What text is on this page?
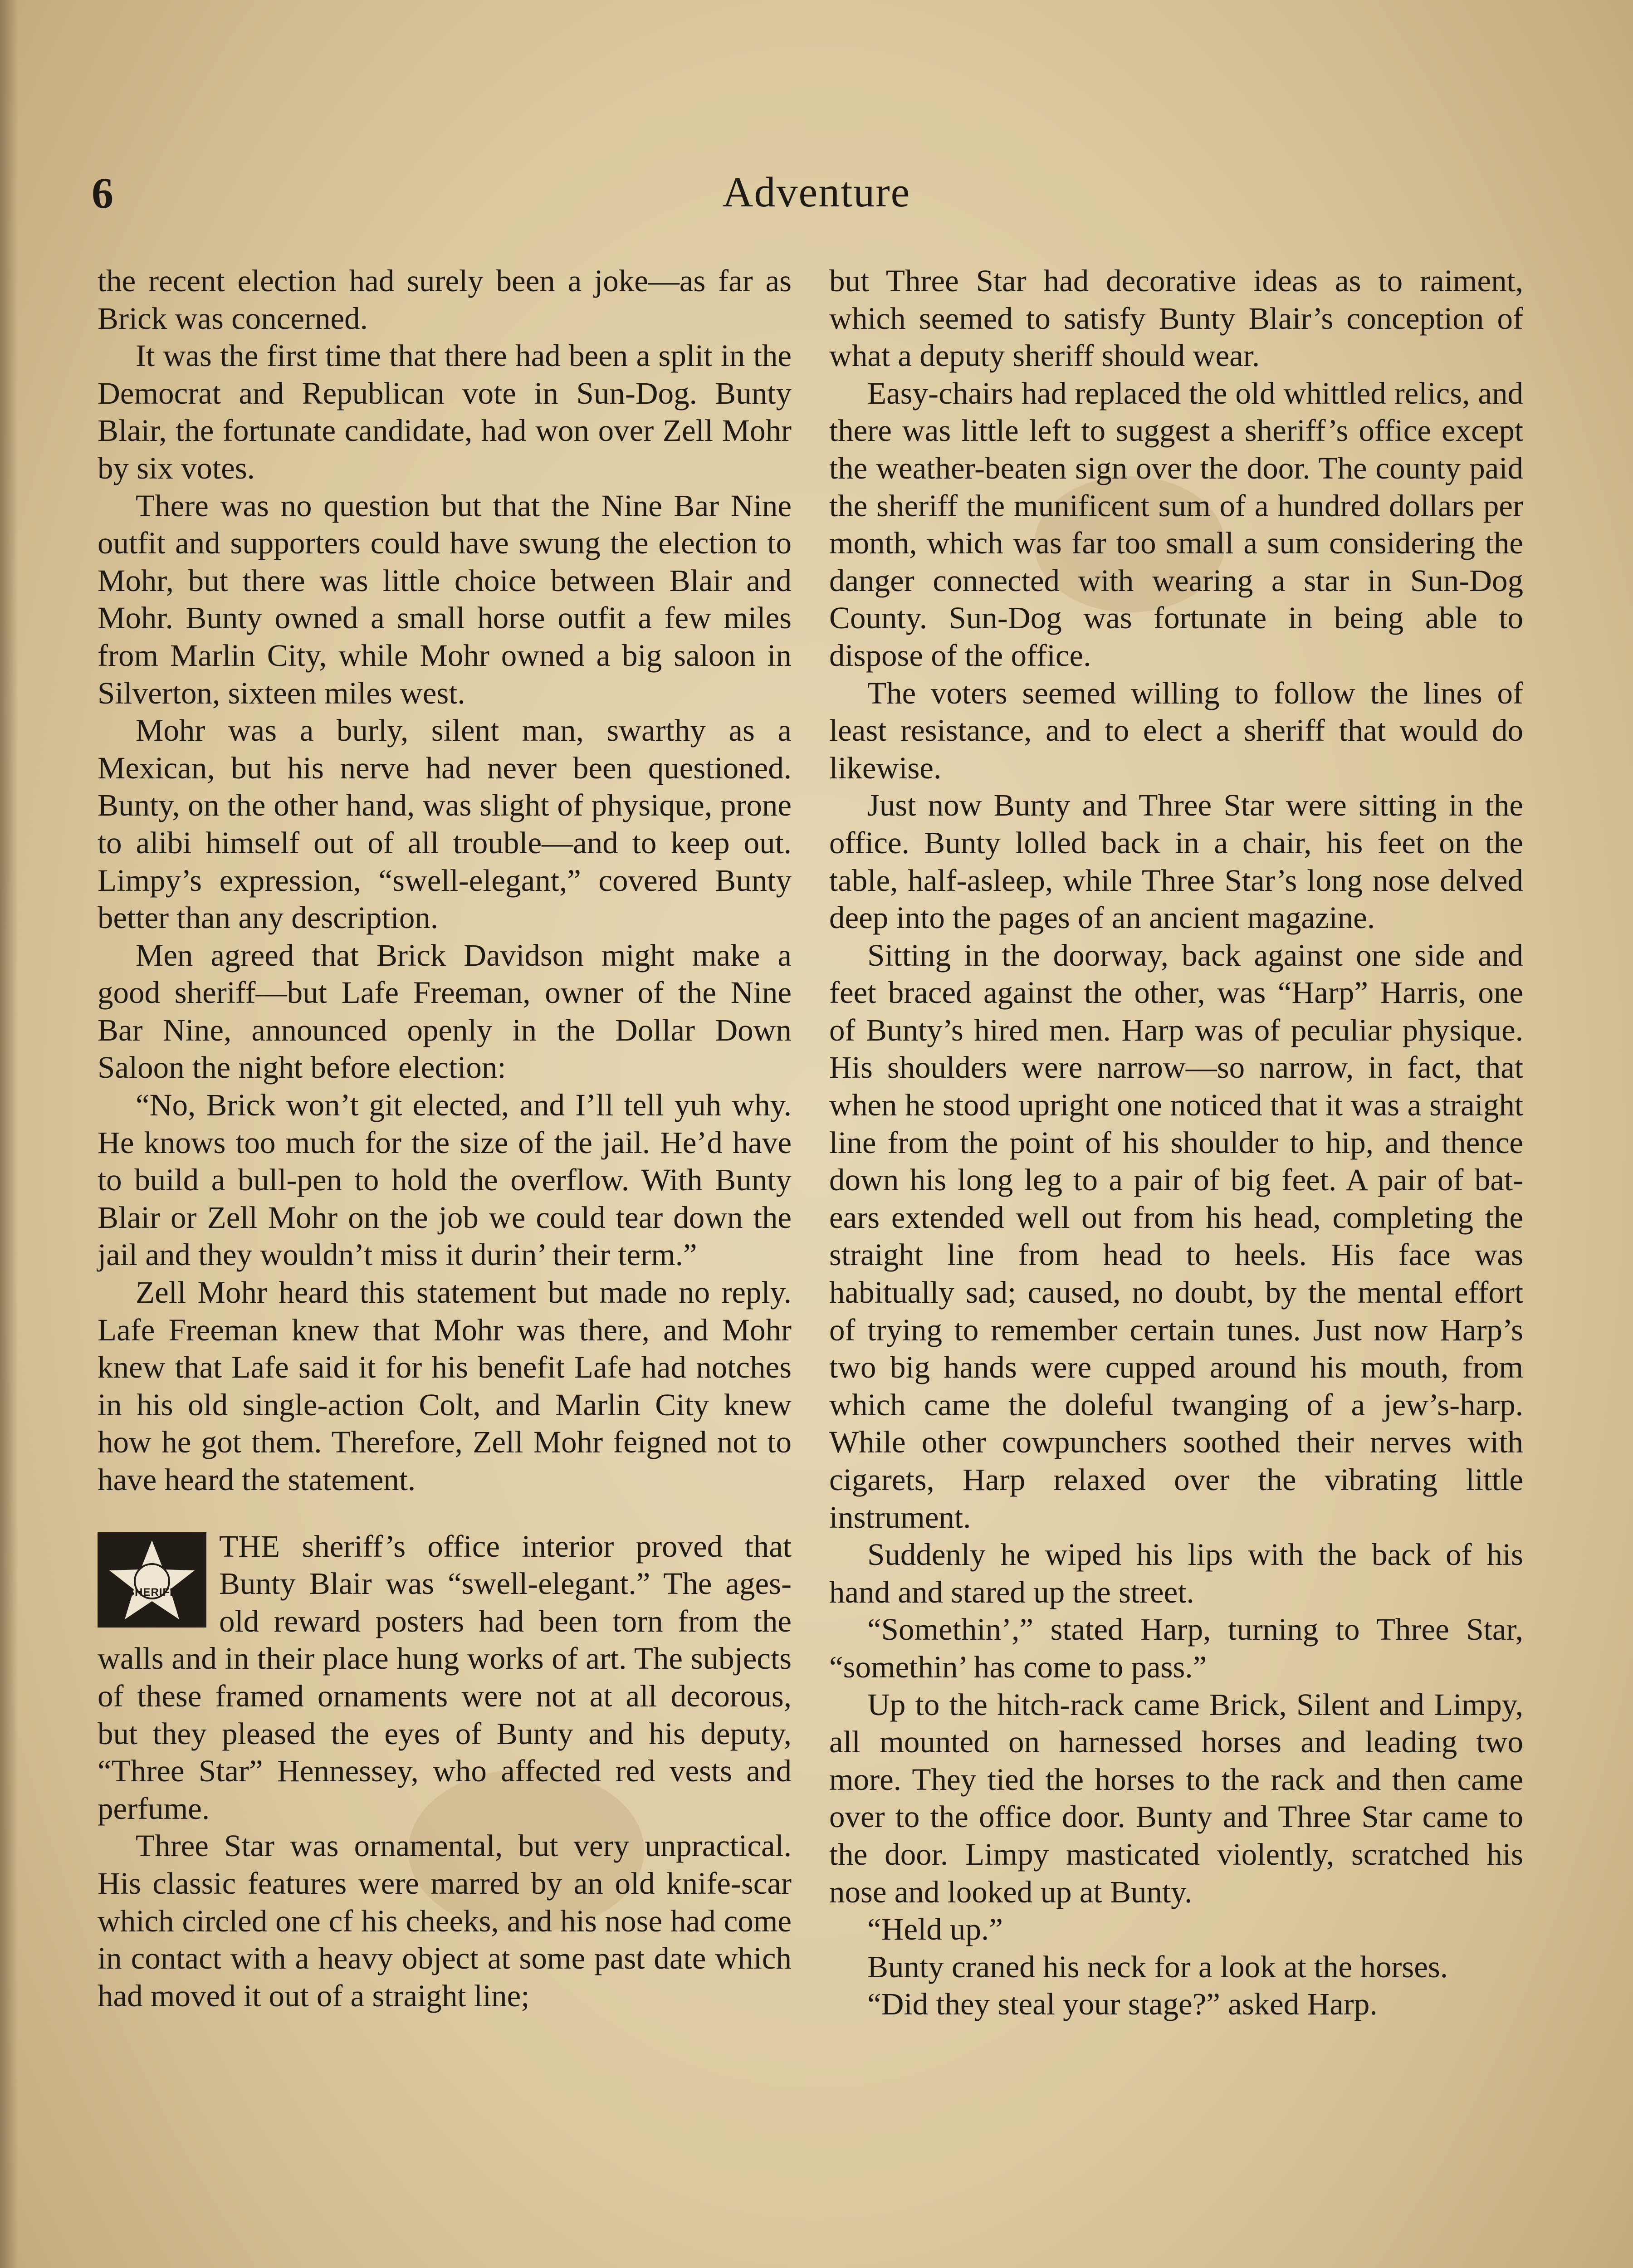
6	Adventure

the recent election had surely been a joke—as far as Brick was concerned.

It was the first time that there had been a split in the Democrat and Republican vote in Sun-Dog. Bunty Blair, the fortunate candidate, had won over Zell Mohr by six votes.

There was no question but that the Nine Bar Nine outfit and supporters could have swung the election to Mohr, but there was little choice between Blair and Mohr. Bunty owned a small horse outfit a few miles from Marlin City, while Mohr owned a big saloon in Silverton, sixteen miles west.

Mohr was a burly, silent man, swarthy as a Mexican, but his nerve had never been questioned. Bunty, on the other hand, was slight of physique, prone to alibi himself out of all trouble—and to keep out. Limpy’s expression, “swell-elegant,” covered Bunty better than any description.

Men agreed that Brick Davidson might make a good sheriff—but Lafe Freeman, owner of the Nine Bar Nine, announced openly in the Dollar Down Saloon the night before election:

“No, Brick won’t git elected, and I’ll tell yuh why. He knows too much for the size of the jail. He’d have to build a bull-pen to hold the overflow. With Bunty Blair or Zell Mohr on the job we could tear down the jail and they wouldn’t miss it durin’ their term.”

Zell Mohr heard this statement but made no reply. Lafe Freeman knew that Mohr was there, and Mohr knew that Lafe said it for his benefit Lafe had notches in his old single-action Colt, and Marlin City knew how he got them. Therefore, Zell Mohr feigned not to have heard the statement.

SHERIFF
THE sheriff’s office interior proved that Bunty Blair was “swell-elegant.” The ages-old reward posters had been torn from the walls and in their place hung works of art. The subjects of these framed ornaments were not at all decorous, but they pleased the eyes of Bunty and his deputy, “Three Star” Hennessey, who affected red vests and perfume.

Three Star was ornamental, but very unpractical. His classic features were marred by an old knife-scar which circled one cf his cheeks, and his nose had come in contact with a heavy object at some past date which had moved it out of a straight line;

but Three Star had decorative ideas as to raiment, which seemed to satisfy Bunty Blair’s conception of what a deputy sheriff should wear.

Easy-chairs had replaced the old whittled relics, and there was little left to suggest a sheriff’s office except the weather-beaten sign over the door. The county paid the sheriff the munificent sum of a hundred dollars per month, which was far too small a sum considering the danger connected with wearing a star in Sun-Dog County. Sun-Dog was fortunate in being able to dispose of the office.

The voters seemed willing to follow the lines of least resistance, and to elect a sheriff that would do likewise.

Just now Bunty and Three Star were sitting in the office. Bunty lolled back in a chair, his feet on the table, half-asleep, while Three Star’s long nose delved deep into the pages of an ancient magazine.

Sitting in the doorway, back against one side and feet braced against the other, was “Harp” Harris, one of Bunty’s hired men. Harp was of peculiar physique. His shoulders were narrow—so narrow, in fact, that when he stood upright one noticed that it was a straight line from the point of his shoulder to hip, and thence down his long leg to a pair of big feet. A pair of bat-ears extended well out from his head, completing the straight line from head to heels. His face was habitually sad; caused, no doubt, by the mental effort of trying to remember certain tunes. Just now Harp’s two big hands were cupped around his mouth, from which came the doleful twanging of a jew’s-harp. While other cowpunchers soothed their nerves with cigarets, Harp relaxed over the vibrating little instrument.

Suddenly he wiped his lips with the back of his hand and stared up the street.

“Somethin’,” stated Harp, turning to Three Star, “somethin’ has come to pass.”

Up to the hitch-rack came Brick, Silent and Limpy, all mounted on harnessed horses and leading two more. They tied the horses to the rack and then came over to the office door. Bunty and Three Star came to the door. Limpy masticated violently, scratched his nose and looked up at Bunty.

“Held up.”

Bunty craned his neck for a look at the horses.

“Did they steal your stage?” asked Harp.
